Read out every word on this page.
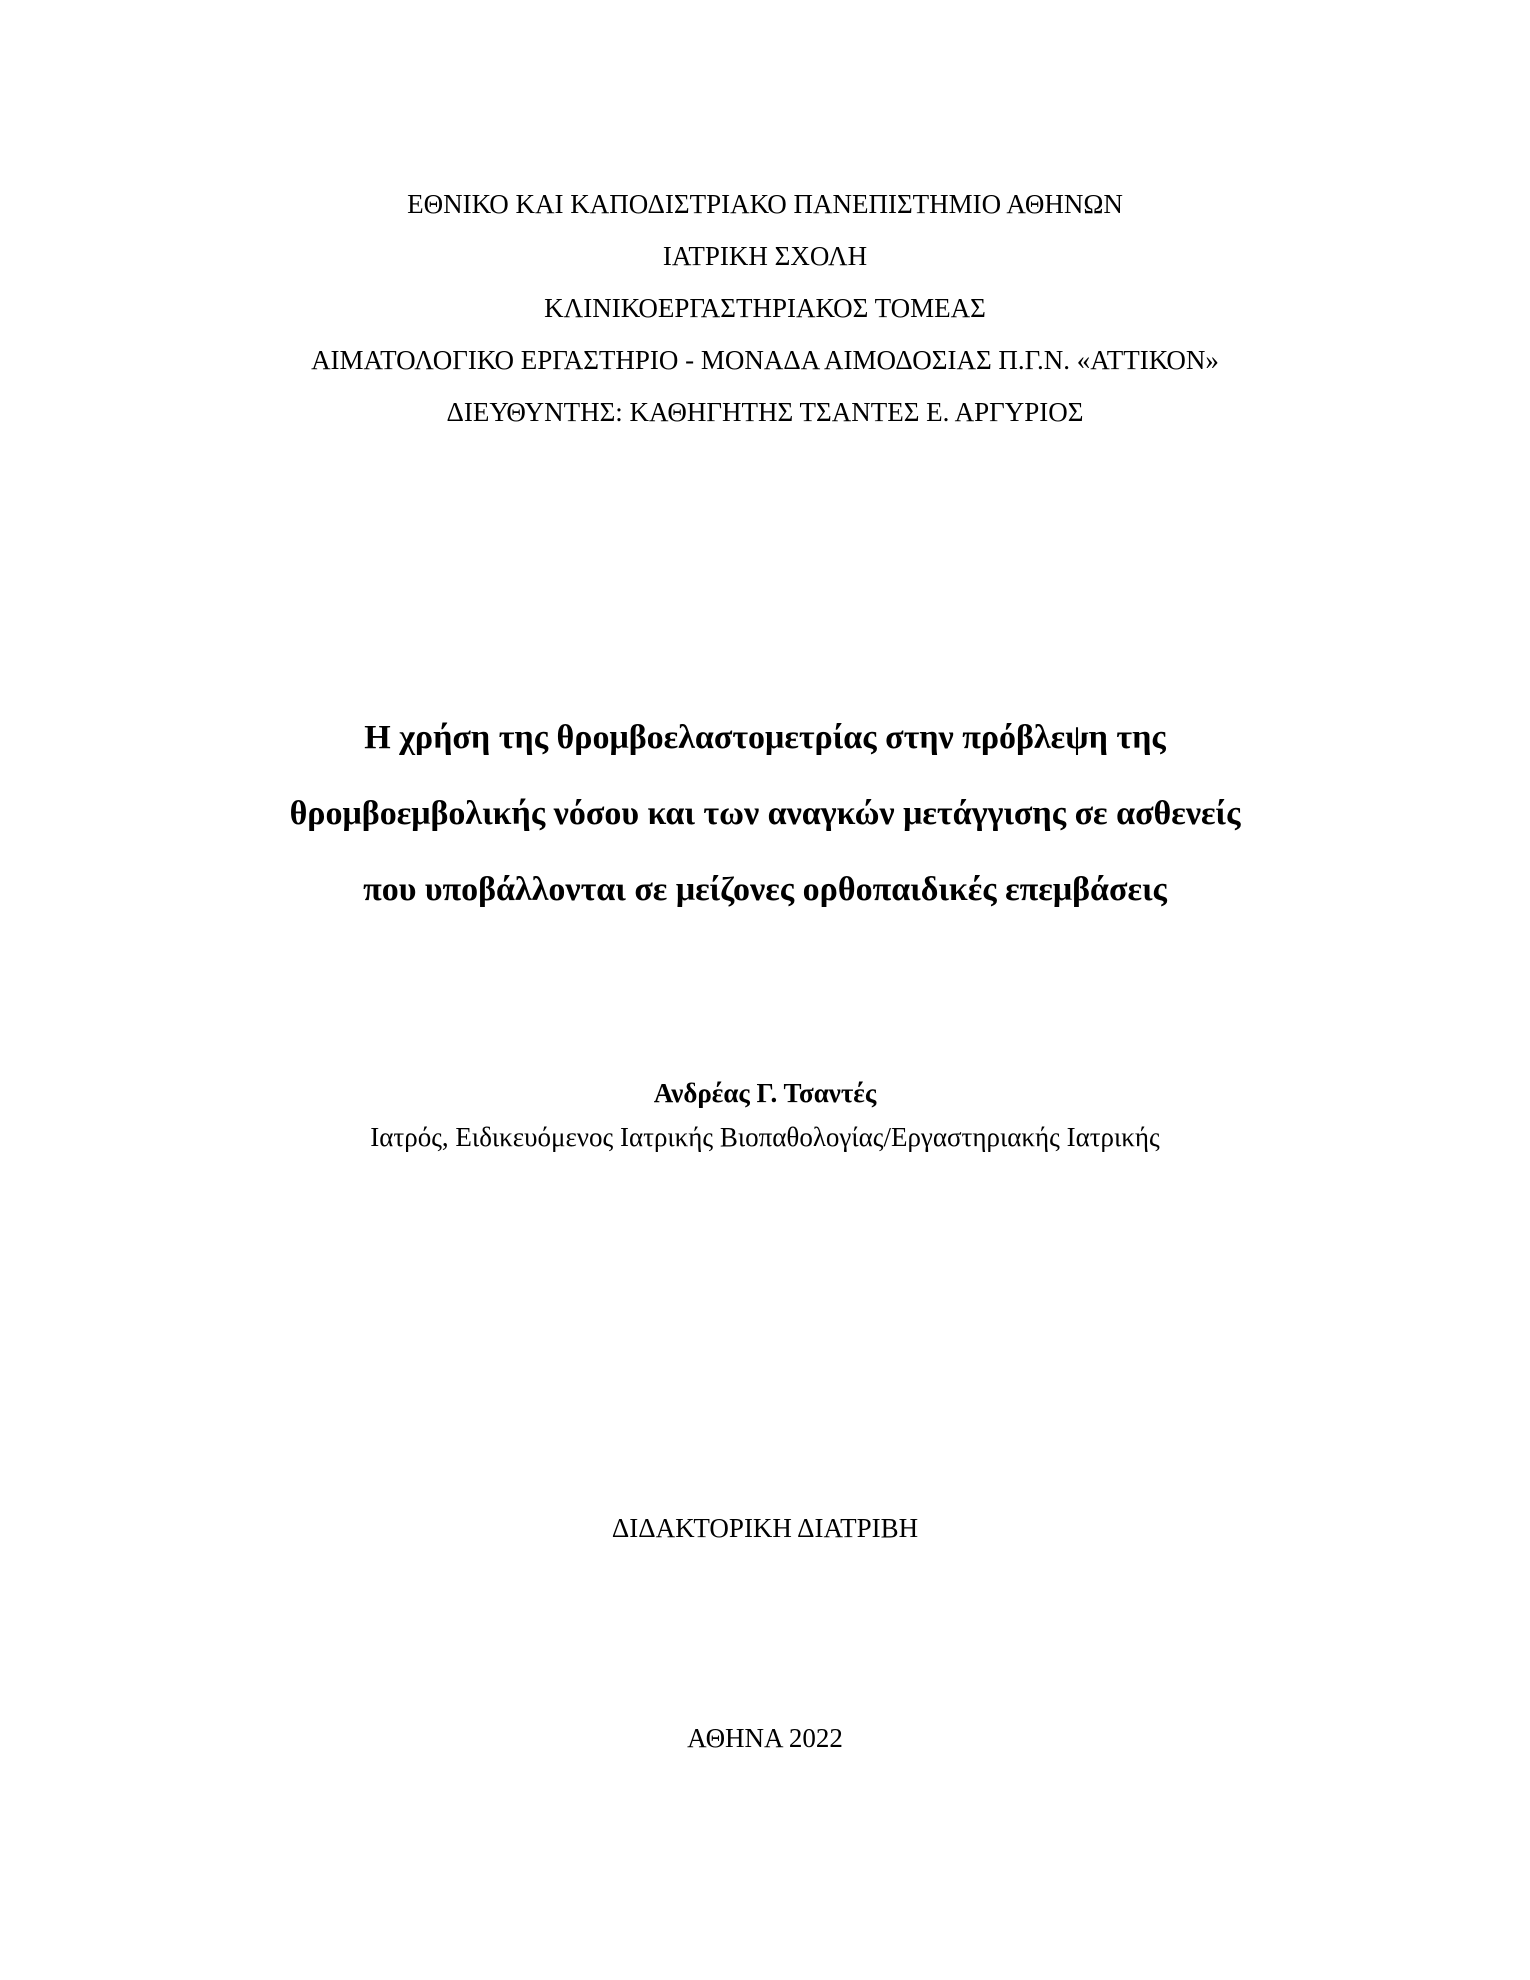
ΕΘΝΙΚΟ ΚΑΙ ΚΑΠΟΔΙΣΤΡΙΑΚΟ ΠΑΝΕΠΙΣΤΗΜΙΟ ΑΘΗΝΩΝ
ΙΑΤΡΙΚΗ ΣΧΟΛΗ
ΚΛΙΝΙΚΟΕΡΓΑΣΤΗΡΙΑΚΟΣ ΤΟΜΕΑΣ
ΑΙΜΑΤΟΛΟΓΙΚΟ ΕΡΓΑΣΤΗΡΙΟ - ΜΟΝΑΔΑ ΑΙΜΟΔΟΣΙΑΣ Π.Γ.Ν. «ΑΤΤΙΚΟΝ»
ΔΙΕΥΘΥΝΤΗΣ: ΚΑΘΗΓΗΤΗΣ ΤΣΑΝΤΕΣ Ε. ΑΡΓΥΡΙΟΣ
Η χρήση της θρομβοελαστομετρίας στην πρόβλεψη της
θρομβοεμβολικής νόσου και των αναγκών μετάγγισης σε ασθενείς
που υποβάλλονται σε μείζονες ορθοπαιδικές επεμβάσεις
Ανδρέας Γ. Τσαντές
Ιατρός, Ειδικευόμενος Ιατρικής Βιοπαθολογίας/Εργαστηριακής Ιατρικής
ΔΙΔΑΚΤΟΡΙΚΗ ΔΙΑΤΡΙΒΗ
ΑΘΗΝΑ 2022
